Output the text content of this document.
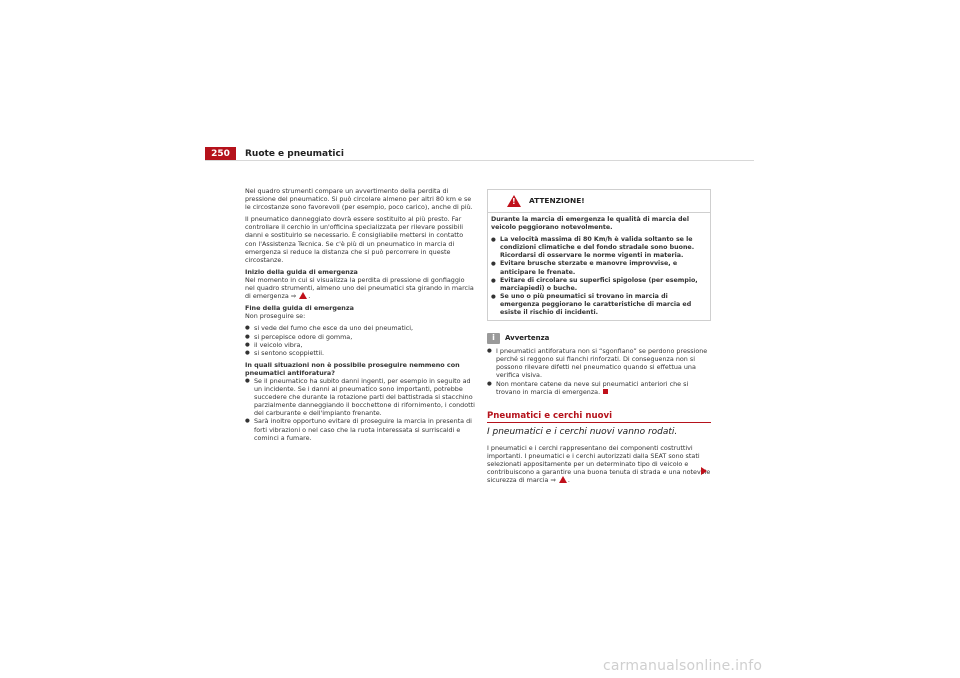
250 Ruote e pneumatici

Nel quadro strumenti compare un avvertimento della perdita di pressione del pneumatico. Si può circolare almeno per altri 80 km e se le circostanze sono favorevoli (per esempio, poco carico), anche di più.

Il pneumatico danneggiato dovrà essere sostituito al più presto. Far controllare il cerchio in un'officina specializzata per rilevare possibili danni e sostituirlo se necessario. È consigliabile mettersi in contatto con l'Assistenza Tecnica. Se c'è più di un pneumatico in marcia di emergenza si reduce la distanza che si può percorrere in queste circostanze.

Inizio della guida di emergenza

Nel momento in cui si visualizza la perdita di pressione di gonfiaggio nel quadro strumenti, almeno uno dei pneumatici sta girando in marcia di emergenza ⇒ .

Fine della guida di emergenza

Non proseguire se:

● si vede del fumo che esce da uno dei pneumatici,
● si percepisce odore di gomma,
● il veicolo vibra,
● si sentono scoppiettii.

In quali situazioni non è possibile proseguire nemmeno con pneumatici antiforatura?

● Se il pneumatico ha subito danni ingenti, per esempio in seguito ad un incidente. Se i danni al pneumatico sono importanti, potrebbe succedere che durante la rotazione parti del battistrada si stacchino parzialmente danneggiando il bocchettone di rifornimento, i condotti del carburante e dell'impianto frenante.
● Sarà inoltre opportuno evitare di proseguire la marcia in presenta di forti vibrazioni o nel caso che la ruota interessata si surriscaldi e cominci a fumare.
!
ATTENZIONE!

Durante la marcia di emergenza le qualità di marcia del veicolo peggiorano notevolmente.

● La velocità massima di 80 Km/h è valida soltanto se le condizioni climatiche e del fondo stradale sono buone. Ricordarsi di osservare le norme vigenti in materia.
● Evitare brusche sterzate e manovre improvvise, e anticipare le frenate.
● Evitare di circolare su superfici spigolose (per esempio, marciapiedi) o buche.
● Se uno o più pneumatici si trovano in marcia di emergenza peggiorano le caratteristiche di marcia ed esiste il rischio di incidenti.
i	Avvertenza
● I pneumatici antiforatura non si “sgonfiano” se perdono pressione perché si reggono sui fianchi rinforzati. Di conseguenza non si possono rilevare difetti nel pneumatico quando si effettua una verifica visiva.
● Non montare catene da neve sui pneumatici anteriori che si trovano in marcia di emergenza.
Pneumatici e cerchi nuovi
I pneumatici e i cerchi nuovi vanno rodati.

I pneumatici e i cerchi rappresentano dei componenti costruttivi importanti. I pneumatici e i cerchi autorizzati dalla SEAT sono stati selezionati appositamente per un determinato tipo di veicolo e contribuiscono a garantire una buona tenuta di strada e una notevole sicurezza di marcia ⇒ .

carmanualsonline.info
